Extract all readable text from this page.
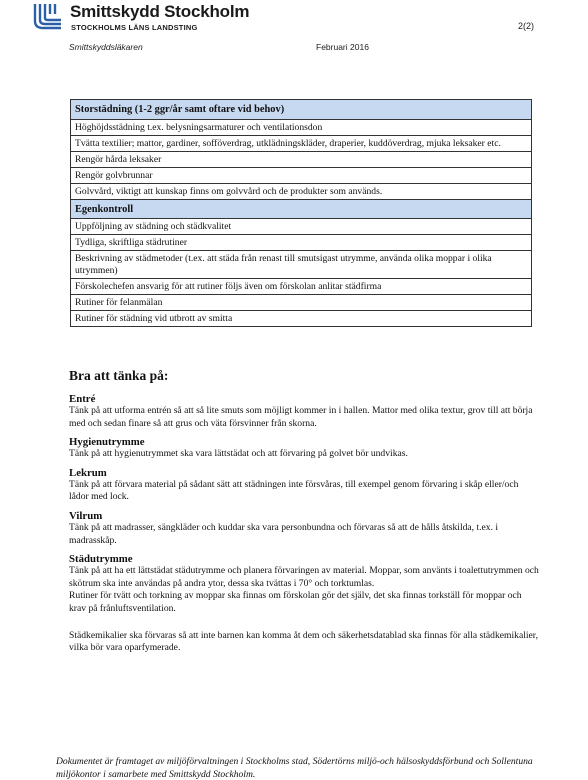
Smittskydd Stockholm
STOCKHOLMS LÄNS LANDSTING	2(2)
Smittskyddsläkaren	Februari 2016
Storstädning (1-2 ggr/år samt oftare vid behov)
Höghöjdsstädning t.ex. belysningsarmaturer och ventilationsdon
Tvätta textilier; mattor, gardiner, sofföverdrag, utklädningskläder, draperier, kuddöverdrag, mjuka leksaker etc.
Rengör hårda leksaker
Rengör golvbrunnar
Golvvård, viktigt att kunskap finns om golvvård och de produkter som används.
Egenkontroll
Uppföljning av städning och städkvalitet
Tydliga, skriftliga städrutiner
Beskrivning av städmetoder (t.ex. att städa från renast till smutsigast utrymme, använda olika moppar i olika utrymmen)
Förskolechefen ansvarig för att rutiner följs även om förskolan anlitar städfirma
Rutiner för felanmälan
Rutiner för städning vid utbrott av smitta
Bra att tänka på:
Entré
Tänk på att utforma entrén så att så lite smuts som möjligt kommer in i hallen. Mattor med olika textur, grov till att börja med och sedan finare så att grus och väta försvinner från skorna.
Hygienutrymme
Tänk på att hygienutrymmet ska vara lättstädat och att förvaring på golvet bör undvikas.
Lekrum
Tänk på att förvara material på sådant sätt att städningen inte försvåras, till exempel genom förvaring i skåp eller/och lådor med lock.
Vilrum
Tänk på att madrasser, sängkläder och kuddar ska vara personbundna och förvaras så att de hålls åtskilda, t.ex. i madrasskåp.
Städutrymme
Tänk på att ha ett lättstädat städutrymme och planera förvaringen av material. Moppar, som använts i toalettutrymmen och skötrum ska inte användas på andra ytor, dessa ska tvättas i 70° och torktumlas.
Rutiner för tvätt och torkning av moppar ska finnas om förskolan gör det själv, det ska finnas torkställ för moppar och krav på frånluftsventilation.
Städkemikalier ska förvaras så att inte barnen kan komma åt dem och säkerhetsdatablad ska finnas för alla städkemikalier, vilka bör vara oparfymerade.
Dokumentet är framtaget av miljöförvaltningen i Stockholms stad, Södertörns miljö-och hälsoskyddsförbund och Sollentuna miljökontor i samarbete med Smittskydd Stockholm.
